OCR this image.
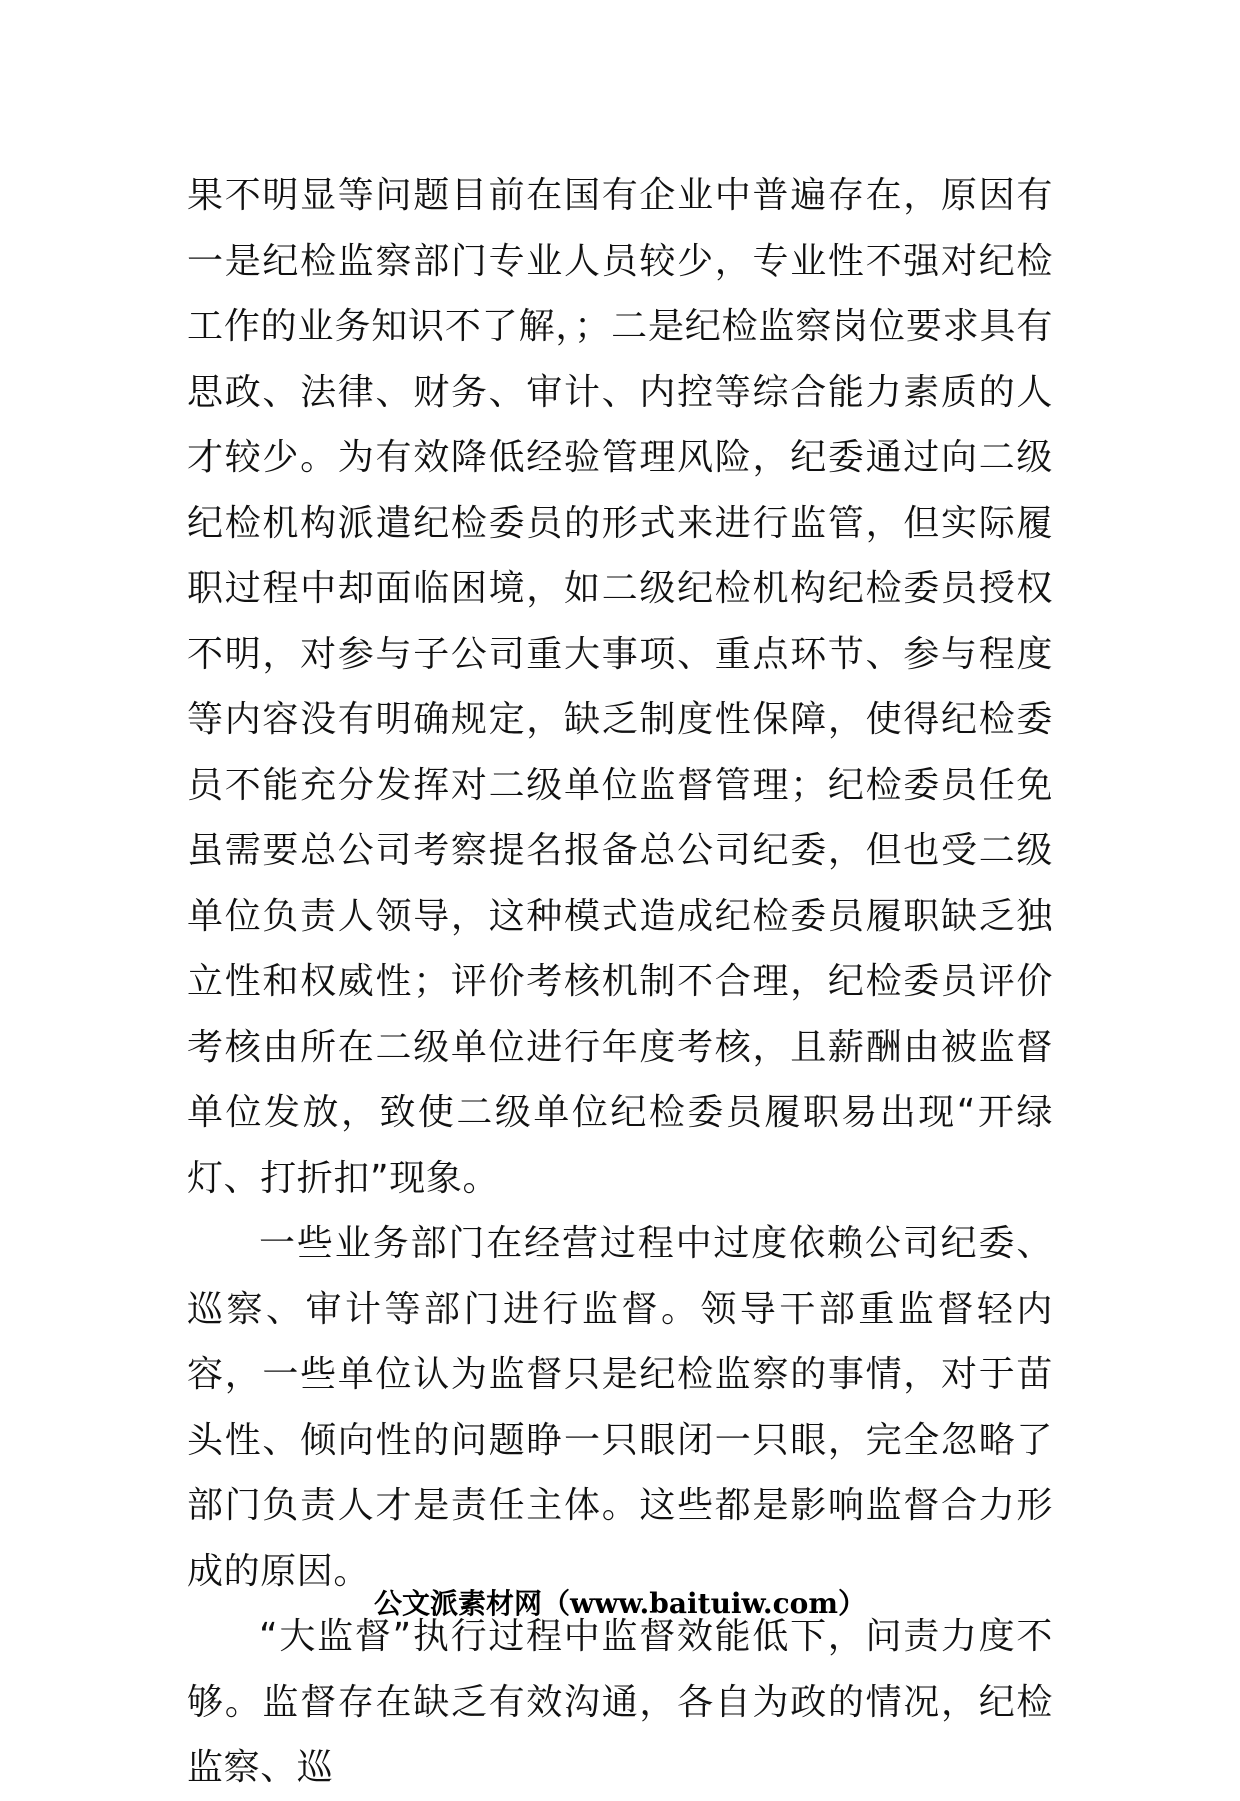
果不明显等问题目前在国有企业中普遍存在，原因有一是纪检监察部门专业人员较少，专业性不强对纪检工作的业务知识不了解，；二是纪检监察岗位要求具有思政、法律、财务、审计、内控等综合能力素质的人才较少。为有效降低经验管理风险，纪委通过向二级纪检机构派遣纪检委员的形式来进行监管，但实际履职过程中却面临困境，如二级纪检机构纪检委员授权不明，对参与子公司重大事项、重点环节、参与程度等内容没有明确规定，缺乏制度性保障，使得纪检委员不能充分发挥对二级单位监督管理；纪检委员任免虽需要总公司考察提名报备总公司纪委，但也受二级单位负责人领导，这种模式造成纪检委员履职缺乏独立性和权威性；评价考核机制不合理，纪检委员评价考核由所在二级单位进行年度考核，且薪酬由被监督单位发放，致使二级单位纪检委员履职易出现“开绿灯、打折扣”现象。

一些业务部门在经营过程中过度依赖公司纪委、巡察、审计等部门进行监督。领导干部重监督轻内容，一些单位认为监督只是纪检监察的事情，对于苗头性、倾向性的问题睁一只眼闭一只眼，完全忽略了部门负责人才是责任主体。这些都是影响监督合力形成的原因。

“大监督”执行过程中监督效能低下，问责力度不够。监督存在缺乏有效沟通，各自为政的情况，纪检监察、巡

公文派素材网（www.baituiw.com）
